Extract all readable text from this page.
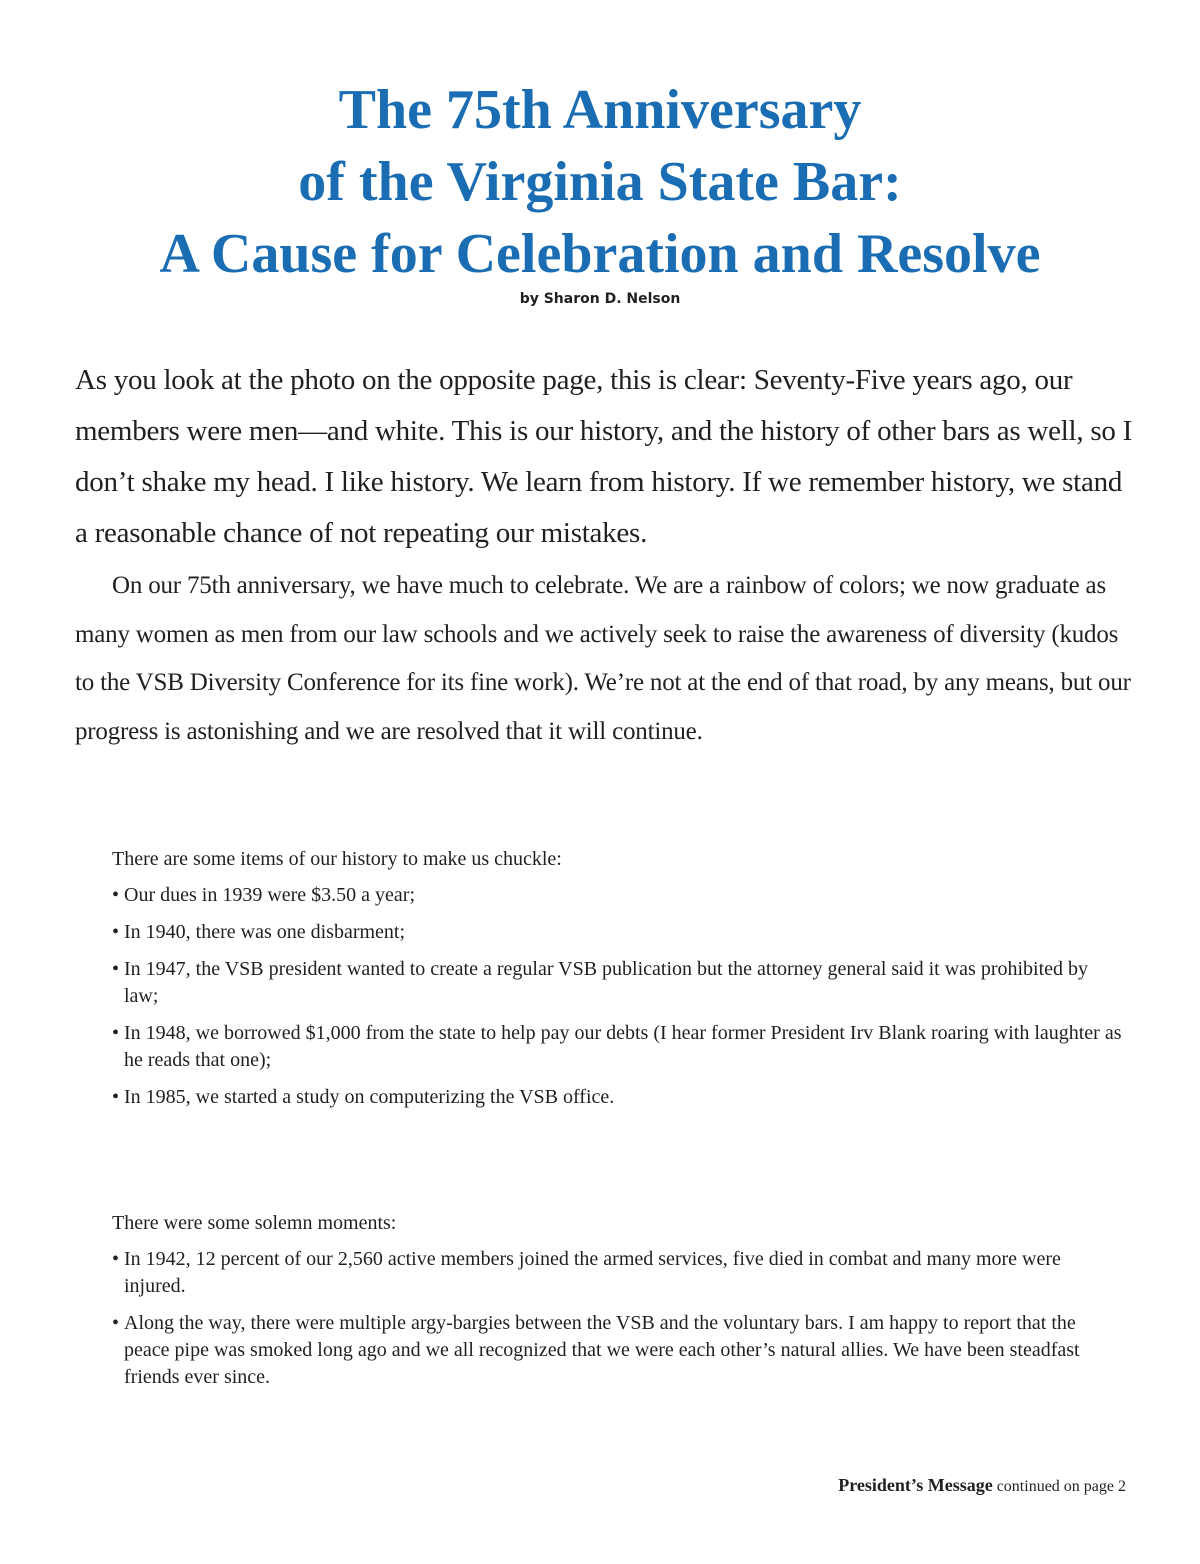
The 75th Anniversary
of the Virginia State Bar:
A Cause for Celebration and Resolve
by Sharon D. Nelson

As you look at the photo on the opposite page, this is clear: Seventy-Five years ago, our members were men—and white. This is our history, and the history of other bars as well, so I don’t shake my head. I like history. We learn from history. If we remember history, we stand a reasonable chance of not repeating our mistakes.

On our 75th anniversary, we have much to celebrate. We are a rainbow of colors; we now graduate as many women as men from our law schools and we actively seek to raise the awareness of diversity (kudos to the VSB Diversity Conference for its fine work). We’re not at the end of that road, by any means, but our progress is astonishing and we are resolved that it will continue.

There are some items of our history to make us chuckle:

• Our dues in 1939 were $3.50 a year;
• In 1940, there was one disbarment;
• In 1947, the VSB president wanted to create a regular VSB publication but the attorney general said it was prohibited by law;
• In 1948, we borrowed $1,000 from the state to help pay our debts (I hear former President Irv Blank roaring with laughter as he reads that one);
• In 1985, we started a study on computerizing the VSB office.

There were some solemn moments:

• In 1942, 12 percent of our 2,560 active members joined the armed services, five died in combat and many more were injured.
• Along the way, there were multiple argy-bargies between the VSB and the voluntary bars. I am happy to report that the peace pipe was smoked long ago and we all recognized that we were each other’s natural allies. We have been steadfast friends ever since.
President’s Message continued on page 2
